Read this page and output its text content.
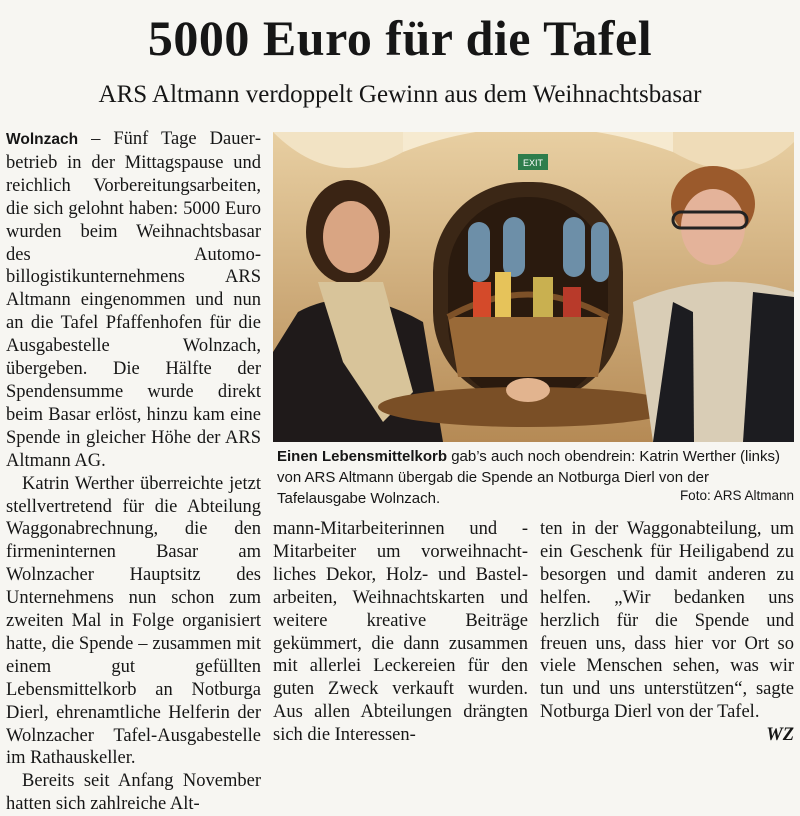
5000 Euro für die Tafel
ARS Altmann verdoppelt Gewinn aus dem Weihnachtsbasar

Wolnzach – Fünf Tage Dauerbetrieb in der Mittagspause und reichlich Vorbereitungsarbeiten, die sich gelohnt haben: 5000 Euro wurden beim Weihnachtsbasar des Automobillogistikunternehmens ARS Altmann eingenommen und nun an die Tafel Pfaffenhofen für die Ausgabestelle Wolnzach, übergeben. Die Hälfte der Spendensumme wurde direkt beim Basar erlöst, hinzu kam eine Spende in gleicher Höhe der ARS Altmann AG.

Katrin Werther überreichte jetzt stellvertretend für die Abteilung Waggonabrechnung, die den firmeninternen Basar am Wolnzacher Hauptsitz des Unternehmens nun schon zum zweiten Mal in Folge organisiert hatte, die Spende – zusammen mit einem gut gefüllten Lebensmittelkorb an Notburga Dierl, ehrenamtliche Helferin der Wolnzacher Tafel-Ausgabestelle im Rathauskeller.

Bereits seit Anfang November hatten sich zahlreiche Alt-

EXIT
Einen Lebensmittelkorb gab’s auch noch obendrein: Katrin Werther (links) von ARS Altmann übergab die Spende an Notburga Dierl von der Tafelausgabe Wolnzach.	Foto: ARS Altmann

mann-Mitarbeiterinnen und -Mitarbeiter um vorweihnachtliches Dekor, Holz- und Bastelarbeiten, Weihnachtskarten und weitere kreative Beiträge gekümmert, die dann zusammen mit allerlei Leckereien für den guten Zweck verkauft wurden. Aus allen Abteilungen drängten sich die Interessen-

ten in der Waggonabteilung, um ein Geschenk für Heiligabend zu besorgen und damit anderen zu helfen. „Wir bedanken uns herzlich für die Spende und freuen uns, dass hier vor Ort so viele Menschen sehen, was wir tun und uns unterstützen“, sagte Notburga Dierl von der Tafel.

WZ
